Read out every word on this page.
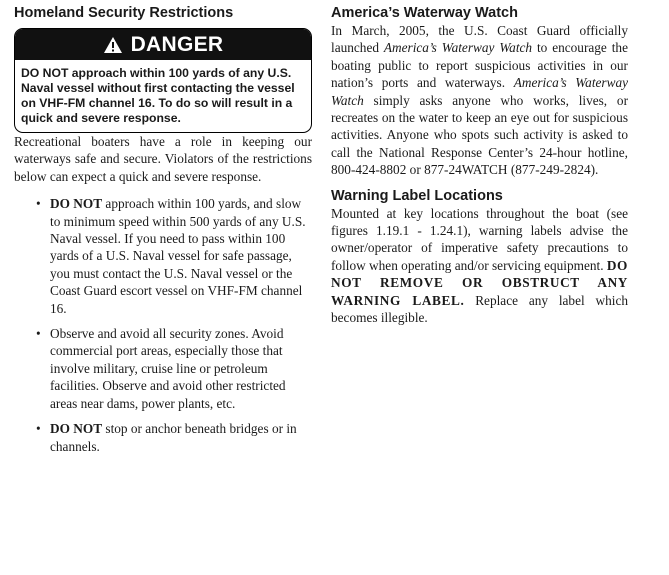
Homeland Security Restrictions
DANGER
DO NOT approach within 100 yards of any U.S. Naval vessel without first contacting the vessel on VHF-FM channel 16. To do so will result in a quick and severe response.

Recreational boaters have a role in keeping our waterways safe and secure. Violators of the restrictions below can expect a quick and severe response.

• DO NOT approach within 100 yards, and slow to minimum speed within 500 yards of any U.S. Naval vessel. If you need to pass within 100 yards of a U.S. Naval vessel for safe passage, you must contact the U.S. Naval vessel or the Coast Guard escort vessel on VHF-FM channel 16.
• Observe and avoid all security zones. Avoid commercial port areas, especially those that involve military, cruise line or petroleum facilities. Observe and avoid other restricted areas near dams, power plants, etc.
• DO NOT stop or anchor beneath bridges or in channels.
America’s Waterway Watch

In March, 2005, the U.S. Coast Guard officially launched America’s Waterway Watch to encourage the boating public to report suspicious activities in our nation’s ports and waterways. America’s Waterway Watch simply asks anyone who works, lives, or recreates on the water to keep an eye out for suspicious activities. Anyone who spots such activity is asked to call the National Response Center’s 24-hour hotline, 800-424-8802 or 877-24WATCH (877-249-2824).

Warning Label Locations

Mounted at key locations throughout the boat (see figures 1.19.1 - 1.24.1), warning labels advise the owner/operator of imperative safety precautions to follow when operating and/or servicing equipment. DO NOT REMOVE OR OBSTRUCT ANY WARNING LABEL. Replace any label which becomes illegible.
